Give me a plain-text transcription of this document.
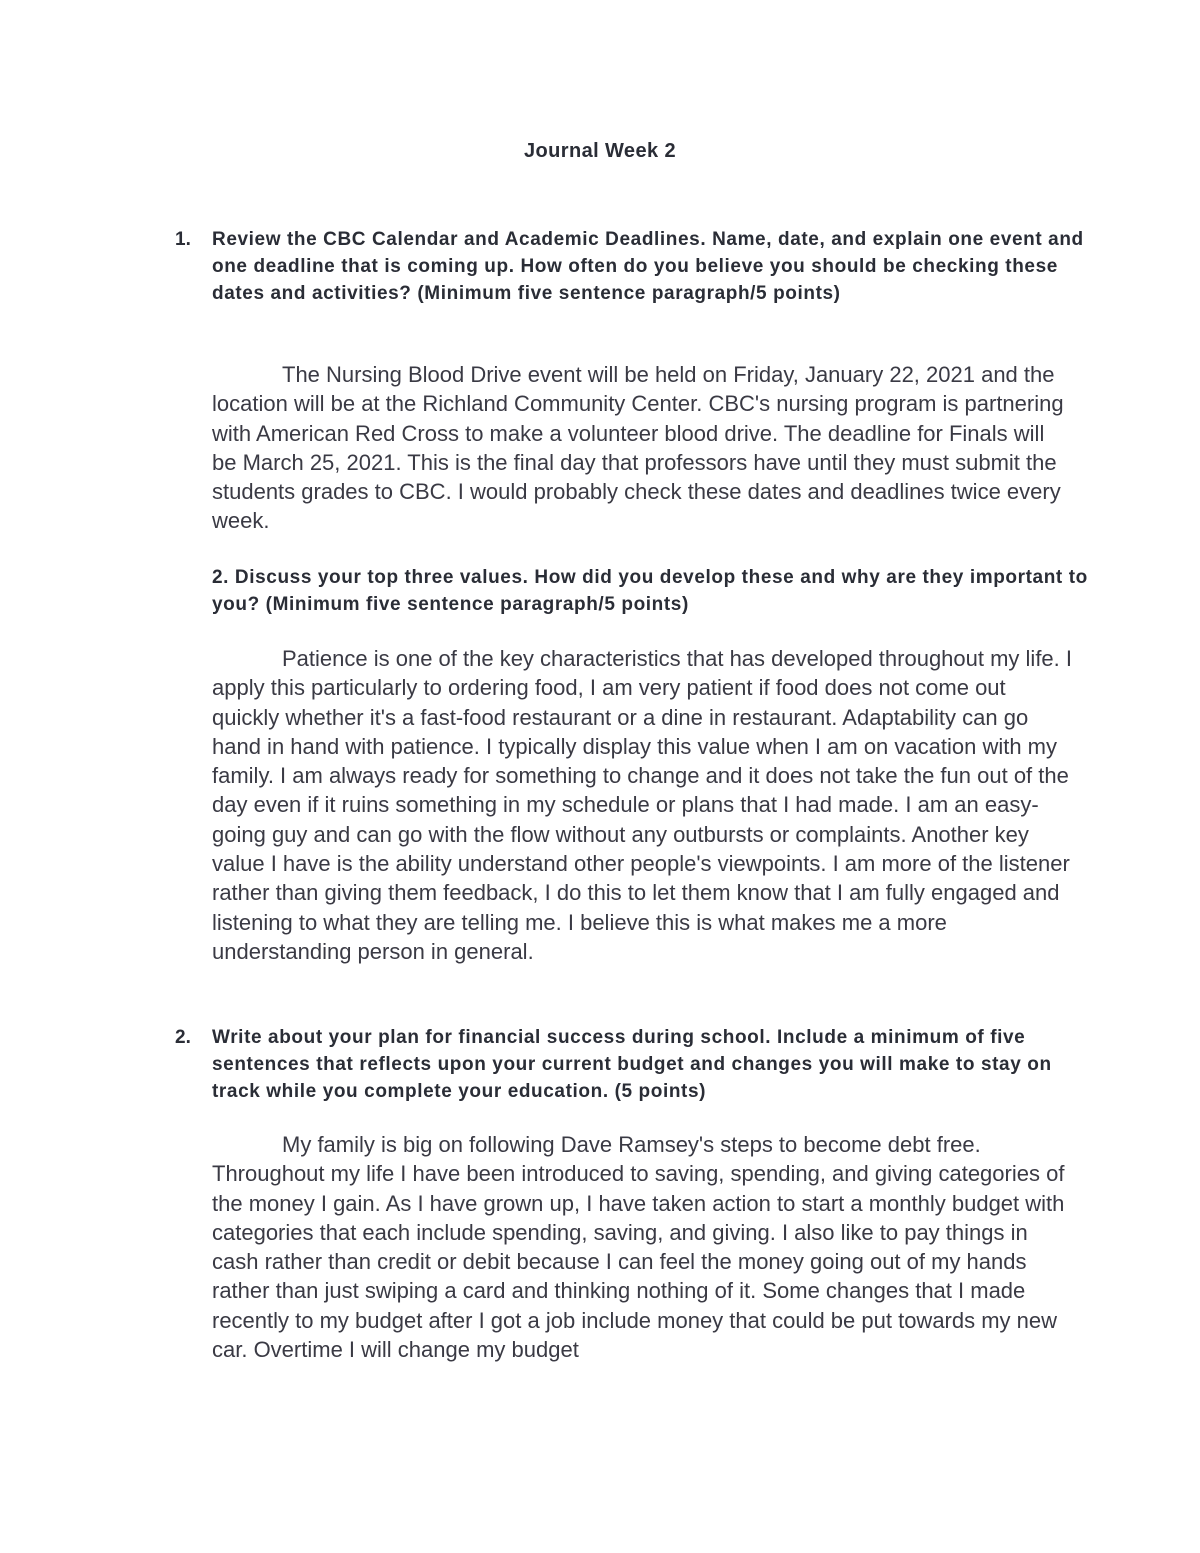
Journal Week 2
1. Review the CBC Calendar and Academic Deadlines. Name, date, and explain one event and one deadline that is coming up. How often do you believe you should be checking these dates and activities? (Minimum five sentence paragraph/5 points)

The Nursing Blood Drive event will be held on Friday, January 22, 2021 and the location will be at the Richland Community Center. CBC's nursing program is partnering with American Red Cross to make a volunteer blood drive. The deadline for Finals will be March 25, 2021. This is the final day that professors have until they must submit the students grades to CBC. I would probably check these dates and deadlines twice every week.

2. Discuss your top three values. How did you develop these and why are they important to you? (Minimum five sentence paragraph/5 points)

Patience is one of the key characteristics that has developed throughout my life. I apply this particularly to ordering food, I am very patient if food does not come out quickly whether it's a fast-food restaurant or a dine in restaurant. Adaptability can go hand in hand with patience. I typically display this value when I am on vacation with my family. I am always ready for something to change and it does not take the fun out of the day even if it ruins something in my schedule or plans that I had made. I am an easy-going guy and can go with the flow without any outbursts or complaints. Another key value I have is the ability understand other people's viewpoints. I am more of the listener rather than giving them feedback, I do this to let them know that I am fully engaged and listening to what they are telling me. I believe this is what makes me a more understanding person in general.

2. Write about your plan for financial success during school. Include a minimum of five sentences that reflects upon your current budget and changes you will make to stay on track while you complete your education. (5 points)

My family is big on following Dave Ramsey's steps to become debt free. Throughout my life I have been introduced to saving, spending, and giving categories of the money I gain. As I have grown up, I have taken action to start a monthly budget with categories that each include spending, saving, and giving. I also like to pay things in cash rather than credit or debit because I can feel the money going out of my hands rather than just swiping a card and thinking nothing of it. Some changes that I made recently to my budget after I got a job include money that could be put towards my new car. Overtime I will change my budget
